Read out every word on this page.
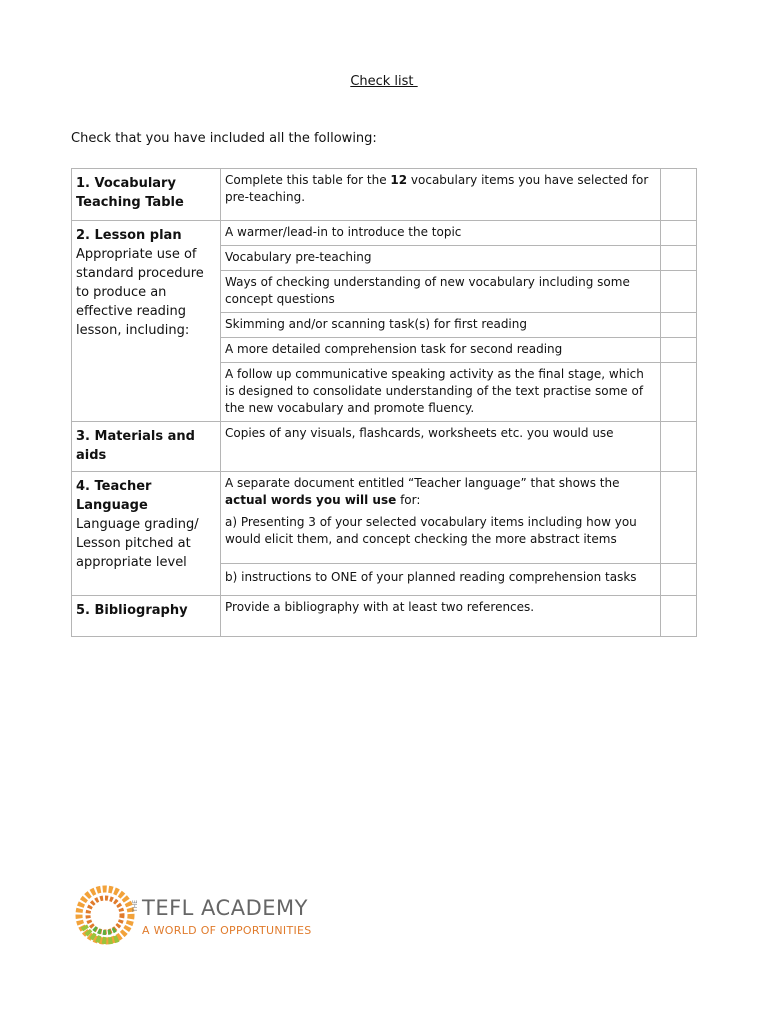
Check list
Check that you have included all the following:
1. Vocabulary Teaching Table	Complete this table for the 12 vocabulary items you have selected for pre-teaching.	

2. Lesson plan
Appropriate use of standard procedure to produce an effective reading lesson, including:	A warmer/lead-in to introduce the topic	
	Vocabulary pre-teaching	
	Ways of checking understanding of new vocabulary including some concept questions	
	Skimming and/or scanning task(s) for first reading	
	A more detailed comprehension task for second reading	
	A follow up communicative speaking activity as the final stage, which is designed to consolidate understanding of the text practise some of the new vocabulary and promote fluency.	

3. Materials and aids	Copies of any visuals, flashcards, worksheets etc. you would use	

4. Teacher Language
Language grading/ Lesson pitched at appropriate level	A separate document entitled “Teacher language” that shows the actual words you will use for:
a) Presenting 3 of your selected vocabulary items including how you would elicit them, and concept checking the more abstract items	
	b) instructions to ONE of your planned reading comprehension tasks	

5. Bibliography	Provide a bibliography with at least two references.	
THE TEFL ACADEMY
A WORLD OF OPPORTUNITIES
